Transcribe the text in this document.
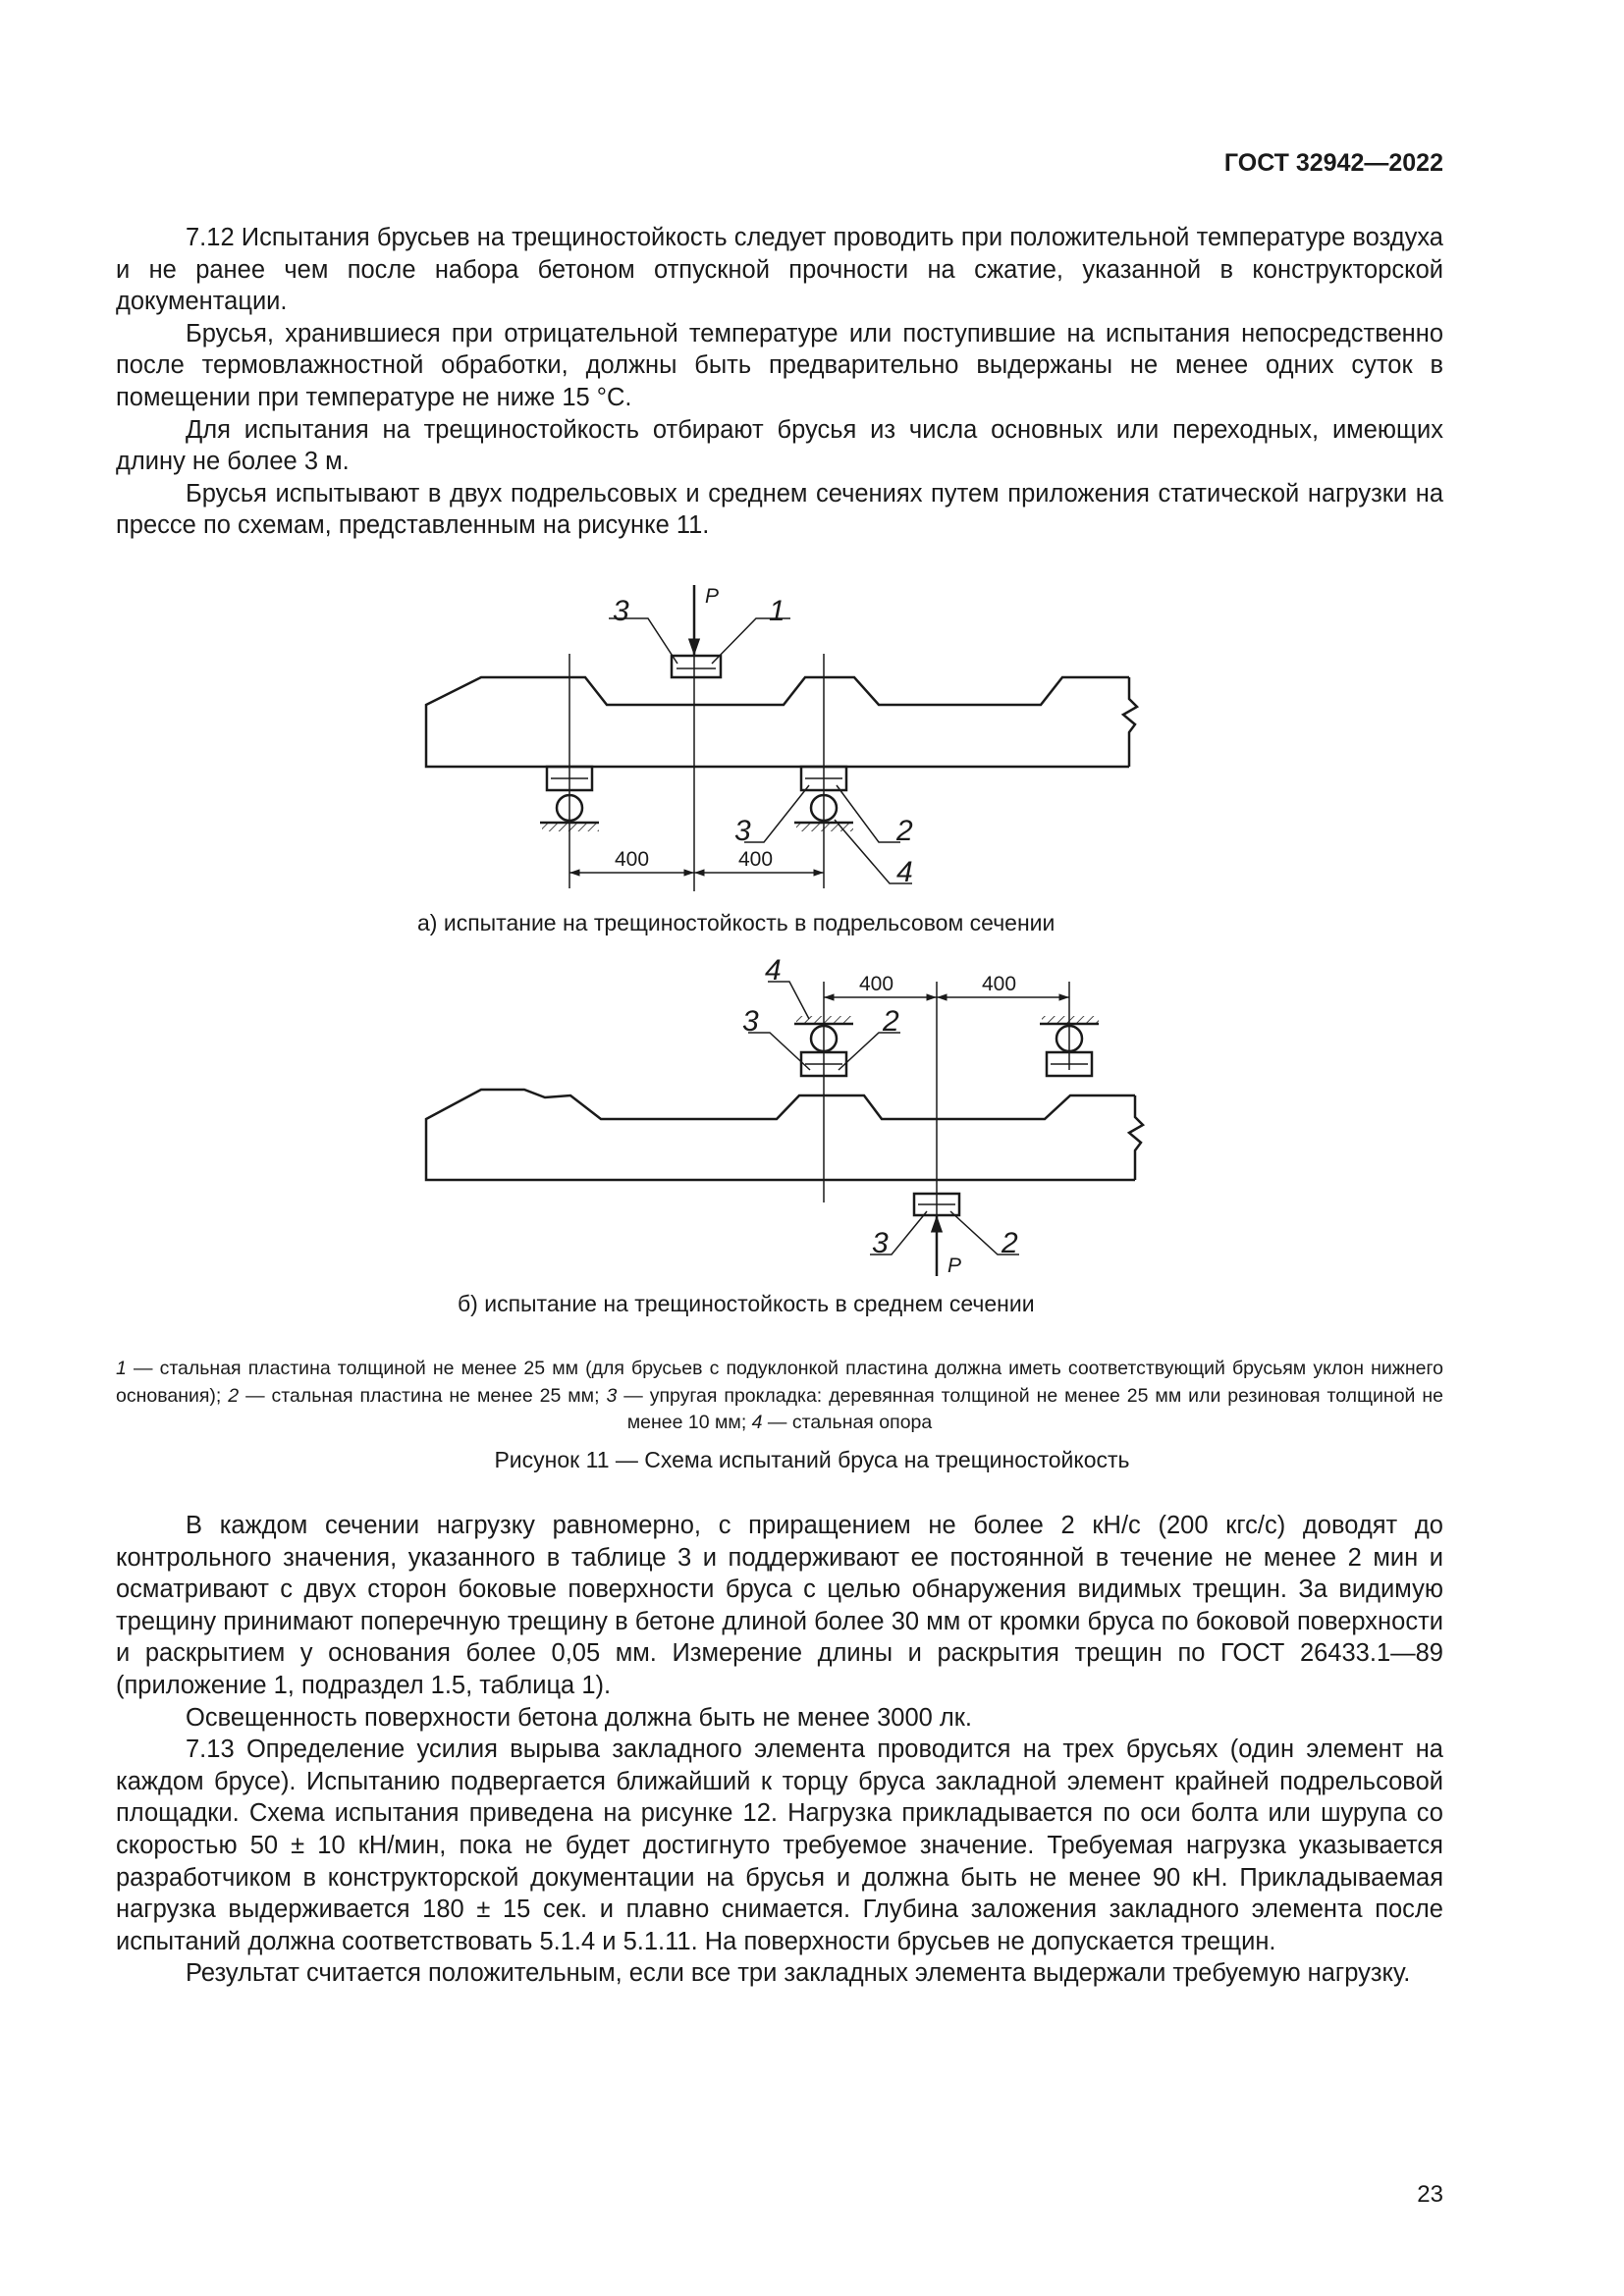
ГОСТ 32942—2022

7.12 Испытания брусьев на трещиностойкость следует проводить при положительной температуре воздуха и не ранее чем после набора бетоном отпускной прочности на сжатие, указанной в конструкторской документации.

Брусья, хранившиеся при отрицательной температуре или поступившие на испытания непосредственно после термовлажностной обработки, должны быть предварительно выдержаны не менее одних суток в помещении при температуре не ниже 15 °С.

Для испытания на трещиностойкость отбирают брусья из числа основных или переходных, имеющих длину не более 3 м.

Брусья испытывают в двух подрельсовых и среднем сечениях путем приложения статической нагрузки на прессе по схемам, представленным на рисунке 11.

P
3	1
3	2
4
400	400
4
3	2
400	400
3	2
P
а) испытание на трещиностойкость в подрельсовом сечении
б) испытание на трещиностойкость в среднем сечении
1 — стальная пластина толщиной не менее 25 мм (для брусьев с подуклонкой пластина должна иметь соответствующий брусьям уклон нижнего основания); 2 — стальная пластина не менее 25 мм; 3 — упругая прокладка: деревянная толщиной не менее 25 мм или резиновая толщиной не менее 10 мм; 4 — стальная опора
Рисунок 11 — Схема испытаний бруса на трещиностойкость

В каждом сечении нагрузку равномерно, с приращением не более 2 кН/с (200 кгс/с) доводят до контрольного значения, указанного в таблице 3 и поддерживают ее постоянной в течение не менее 2 мин и осматривают с двух сторон боковые поверхности бруса с целью обнаружения видимых трещин. За видимую трещину принимают поперечную трещину в бетоне длиной более 30 мм от кромки бруса по боковой поверхности и раскрытием у основания более 0,05 мм. Измерение длины и раскрытия трещин по ГОСТ 26433.1—89 (приложение 1, подраздел 1.5, таблица 1).

Освещенность поверхности бетона должна быть не менее 3000 лк.

7.13 Определение усилия вырыва закладного элемента проводится на трех брусьях (один элемент на каждом брусе). Испытанию подвергается ближайший к торцу бруса закладной элемент крайней подрельсовой площадки. Схема испытания приведена на рисунке 12. Нагрузка прикладывается по оси болта или шурупа со скоростью 50 ± 10 кН/мин, пока не будет достигнуто требуемое значение. Требуемая нагрузка указывается разработчиком в конструкторской документации на брусья и должна быть не менее 90 кН. Прикладываемая нагрузка выдерживается 180 ± 15 сек. и плавно снимается. Глубина заложения закладного элемента после испытаний должна соответствовать 5.1.4 и 5.1.11. На поверхности брусьев не допускается трещин.

Результат считается положительным, если все три закладных элемента выдержали требуемую нагрузку.

23
